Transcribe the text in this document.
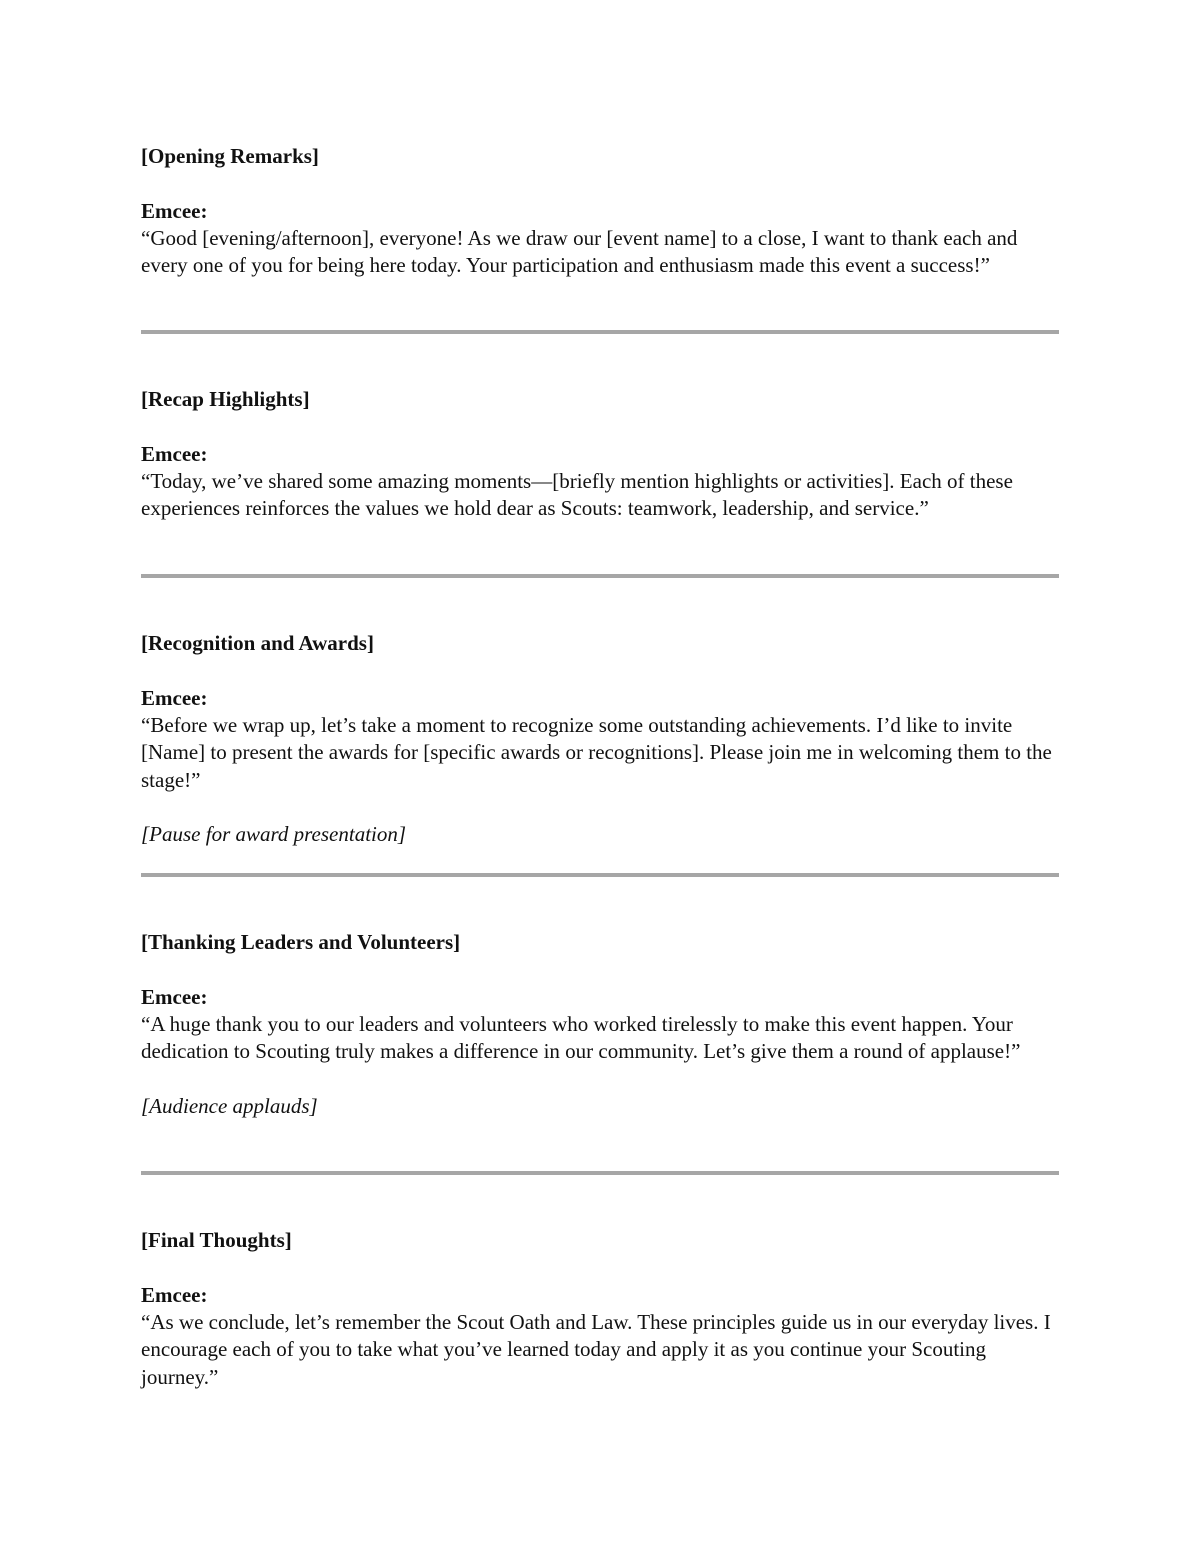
[Opening Remarks]
Emcee:
“Good [evening/afternoon], everyone! As we draw our [event name] to a close, I want to thank each and every one of you for being here today. Your participation and enthusiasm made this event a success!”
[Recap Highlights]
Emcee:
“Today, we’ve shared some amazing moments—[briefly mention highlights or activities]. Each of these experiences reinforces the values we hold dear as Scouts: teamwork, leadership, and service.”
[Recognition and Awards]
Emcee:
“Before we wrap up, let’s take a moment to recognize some outstanding achievements. I’d like to invite [Name] to present the awards for [specific awards or recognitions]. Please join me in welcoming them to the stage!”
[Pause for award presentation]
[Thanking Leaders and Volunteers]
Emcee:
“A huge thank you to our leaders and volunteers who worked tirelessly to make this event happen. Your dedication to Scouting truly makes a difference in our community. Let’s give them a round of applause!”
[Audience applauds]
[Final Thoughts]
Emcee:
“As we conclude, let’s remember the Scout Oath and Law. These principles guide us in our everyday lives. I encourage each of you to take what you’ve learned today and apply it as you continue your Scouting journey.”
